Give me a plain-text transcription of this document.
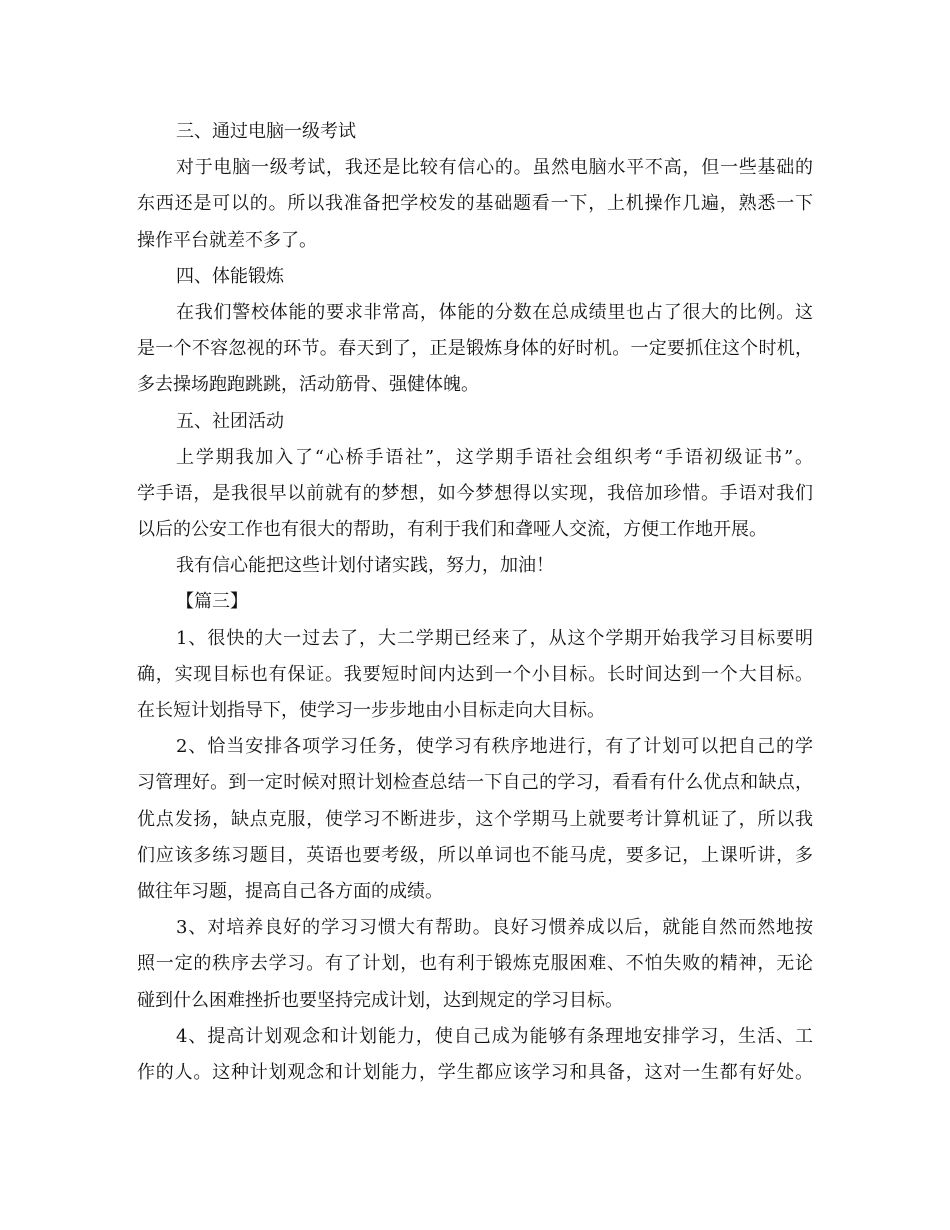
三、通过电脑一级考试
对于电脑一级考试，我还是比较有信心的。虽然电脑水平不高，但一些基础的
东西还是可以的。所以我准备把学校发的基础题看一下，上机操作几遍，熟悉一下
操作平台就差不多了。
四、体能锻炼
在我们警校体能的要求非常高，体能的分数在总成绩里也占了很大的比例。这
是一个不容忽视的环节。春天到了，正是锻炼身体的好时机。一定要抓住这个时机，
多去操场跑跑跳跳，活动筋骨、强健体魄。
五、社团活动
上学期我加入了“心桥手语社”，这学期手语社会组织考“手语初级证书”。
学手语，是我很早以前就有的梦想，如今梦想得以实现，我倍加珍惜。手语对我们
以后的公安工作也有很大的帮助，有利于我们和聋哑人交流，方便工作地开展。
我有信心能把这些计划付诸实践，努力，加油！
【篇三】
1、很快的大一过去了，大二学期已经来了，从这个学期开始我学习目标要明
确，实现目标也有保证。我要短时间内达到一个小目标。长时间达到一个大目标。
在长短计划指导下，使学习一步步地由小目标走向大目标。
2、恰当安排各项学习任务，使学习有秩序地进行，有了计划可以把自己的学
习管理好。到一定时候对照计划检查总结一下自己的学习，看看有什么优点和缺点，
优点发扬，缺点克服，使学习不断进步，这个学期马上就要考计算机证了，所以我
们应该多练习题目，英语也要考级，所以单词也不能马虎，要多记，上课听讲，多
做往年习题，提高自己各方面的成绩。
3、对培养良好的学习习惯大有帮助。良好习惯养成以后，就能自然而然地按
照一定的秩序去学习。有了计划，也有利于锻炼克服困难、不怕失败的精神，无论
碰到什么困难挫折也要坚持完成计划，达到规定的学习目标。
4、提高计划观念和计划能力，使自己成为能够有条理地安排学习，生活、工
作的人。这种计划观念和计划能力，学生都应该学习和具备，这对一生都有好处。
